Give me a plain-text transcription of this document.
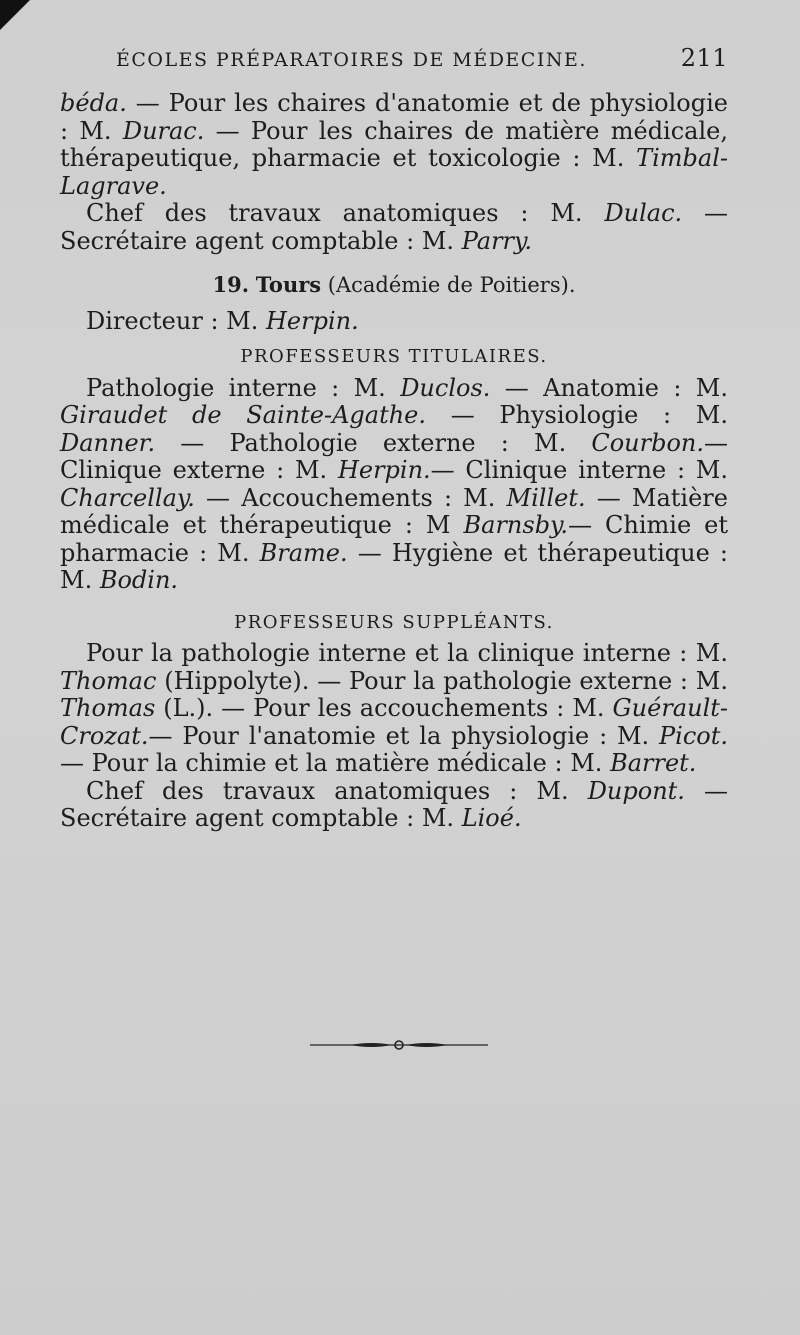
ÉCOLES PRÉPARATOIRES DE MÉDECINE.	211

béda. — Pour les chaires d'anatomie et de physiologie : M. Durac. — Pour les chaires de matière médicale, thérapeutique, pharmacie et toxicologie : M. Timbal-Lagrave.

Chef des travaux anatomiques : M. Dulac. — Secrétaire agent comptable : M. Parry.

19. Tours (Académie de Poitiers).

Directeur : M. Herpin.

PROFESSEURS TITULAIRES.

Pathologie interne : M. Duclos. — Anatomie : M. Giraudet de Sainte-Agathe. — Physiologie : M. Danner. — Pathologie externe : M. Courbon.— Clinique externe : M. Herpin.— Clinique interne : M. Charcellay. — Accouchements : M. Millet. — Matière médicale et thérapeutique : M Barnsby.— Chimie et pharmacie : M. Brame. — Hygiène et thérapeutique : M. Bodin.

PROFESSEURS SUPPLÉANTS.

Pour la pathologie interne et la clinique interne : M. Thomac (Hippolyte). — Pour la pathologie externe : M. Thomas (L.). — Pour les accouchements : M. Guérault-Crozat.— Pour l'anatomie et la physiologie : M. Picot. — Pour la chimie et la matière médicale : M. Barret.

Chef des travaux anatomiques : M. Dupont. — Secrétaire agent comptable : M. Lioé.
